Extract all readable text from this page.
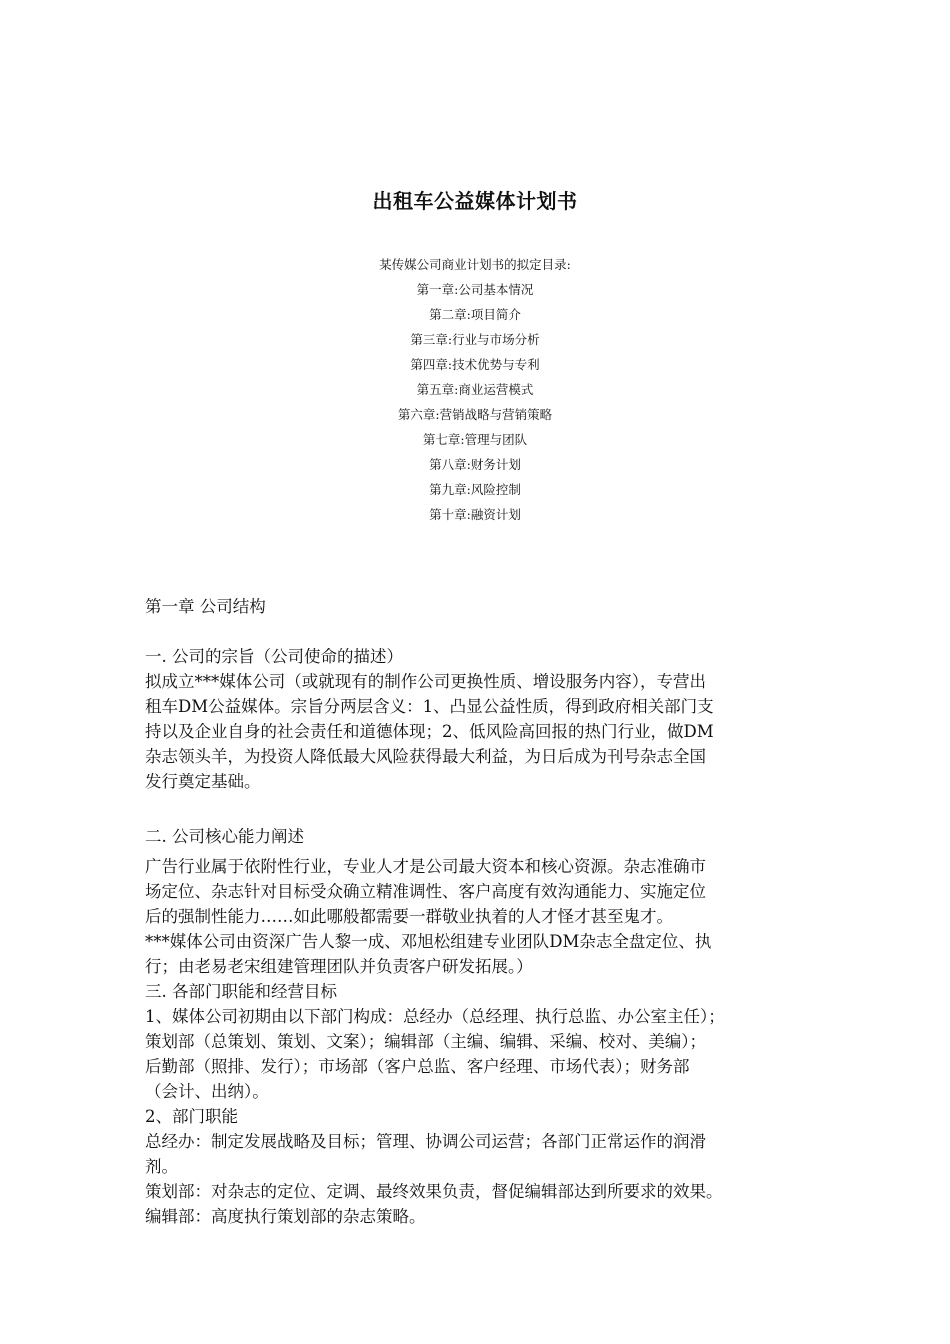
出租车公益媒体计划书
某传媒公司商业计划书的拟定目录:
第一章:公司基本情况
第二章:项目简介
第三章:行业与市场分析
第四章:技术优势与专利
第五章:商业运营模式
第六章:营销战略与营销策略
第七章:管理与团队
第八章:财务计划
第九章:风险控制
第十章:融资计划
第一章 公司结构
一. 公司的宗旨（公司使命的描述）
拟成立***媒体公司（或就现有的制作公司更换性质、增设服务内容），专营出
租车DM公益媒体。宗旨分两层含义：1、凸显公益性质，得到政府相关部门支
持以及企业自身的社会责任和道德体现；2、低风险高回报的热门行业，做DM
杂志领头羊，为投资人降低最大风险获得最大利益，为日后成为刊号杂志全国
发行奠定基础。
二. 公司核心能力阐述
广告行业属于依附性行业，专业人才是公司最大资本和核心资源。杂志准确市
场定位、杂志针对目标受众确立精准调性、客户高度有效沟通能力、实施定位
后的强制性能力……如此哪般都需要一群敬业执着的人才怪才甚至鬼才。
***媒体公司由资深广告人黎一成、邓旭松组建专业团队DM杂志全盘定位、执
行；由老易老宋组建管理团队并负责客户研发拓展。）
三. 各部门职能和经营目标
1、媒体公司初期由以下部门构成：总经办（总经理、执行总监、办公室主任）；
策划部（总策划、策划、文案）；编辑部（主编、编辑、采编、校对、美编）；
后勤部（照排、发行）；市场部（客户总监、客户经理、市场代表）；财务部
（会计、出纳）。
2、部门职能
总经办：制定发展战略及目标；管理、协调公司运营；各部门正常运作的润滑
剂。
策划部：对杂志的定位、定调、最终效果负责，督促编辑部达到所要求的效果。
编辑部：高度执行策划部的杂志策略。
